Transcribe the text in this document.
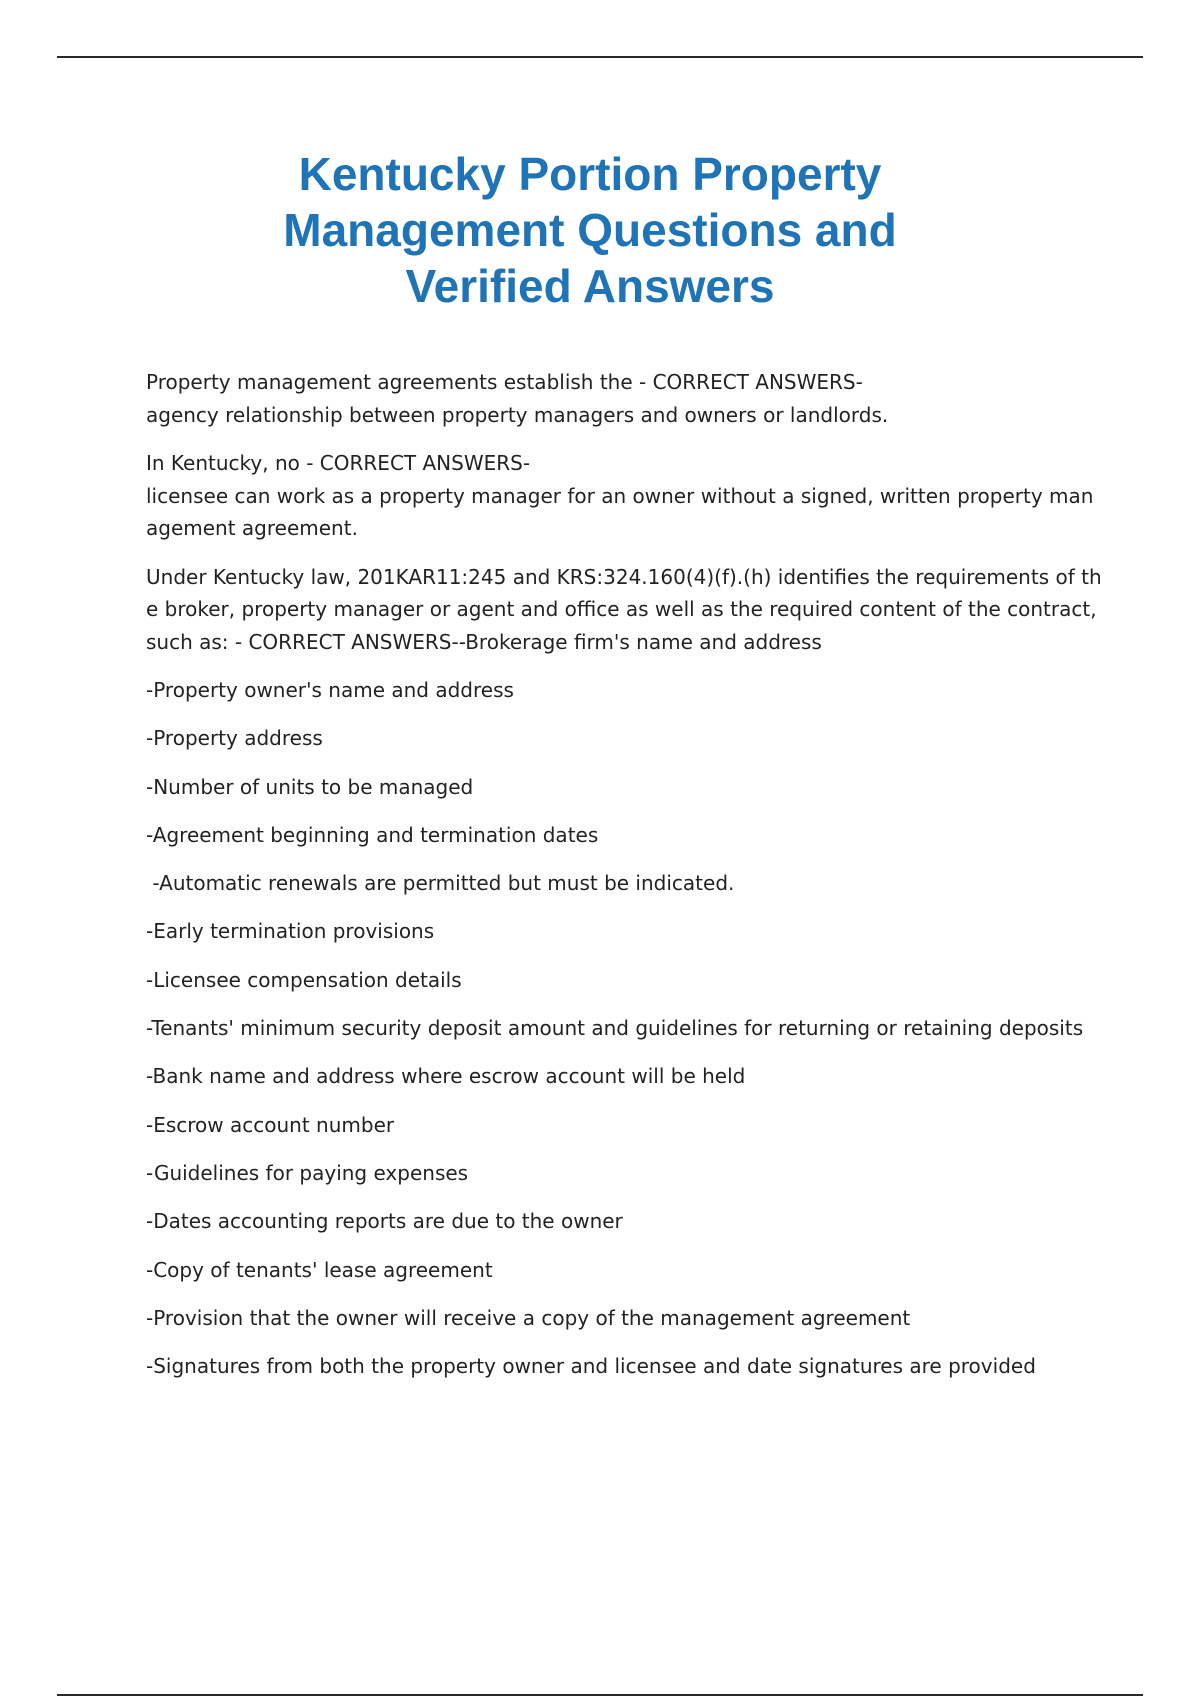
Kentucky Portion Property
Management Questions and
Verified Answers

Property management agreements establish the - CORRECT ANSWERS-
agency relationship between property managers and owners or landlords.

In Kentucky, no - CORRECT ANSWERS-
licensee can work as a property manager for an owner without a signed, written property man
agement agreement.

Under Kentucky law, 201KAR11:245 and KRS:324.160(4)(f).(h) identifies the requirements of th
e broker, property manager or agent and office as well as the required content of the contract,
such as: - CORRECT ANSWERS--Brokerage firm's name and address

-Property owner's name and address

-Property address

-Number of units to be managed

-Agreement beginning and termination dates

-Automatic renewals are permitted but must be indicated.

-Early termination provisions

-Licensee compensation details

-Tenants' minimum security deposit amount and guidelines for returning or retaining deposits

-Bank name and address where escrow account will be held

-Escrow account number

-Guidelines for paying expenses

-Dates accounting reports are due to the owner

-Copy of tenants' lease agreement

-Provision that the owner will receive a copy of the management agreement

-Signatures from both the property owner and licensee and date signatures are provided
